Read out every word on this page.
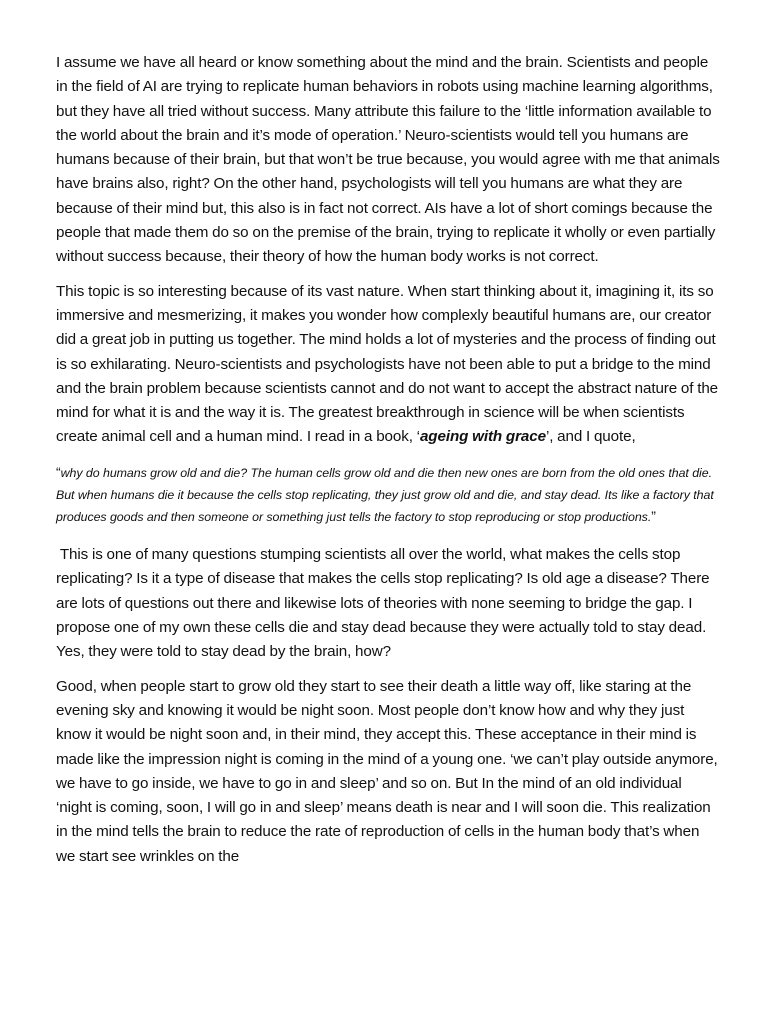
I assume we have all heard or know something about the mind and the brain. Scientists and people in the field of AI are trying to replicate human behaviors in robots using machine learning algorithms, but they have all tried without success. Many attribute this failure to the ‘little information available to the world about the brain and it’s mode of operation.’ Neuro-scientists would tell you humans are humans because of their brain, but that won’t be true because, you would agree with me that animals have brains also, right? On the other hand, psychologists will tell you humans are what they are because of their mind but, this also is in fact not correct. AIs have a lot of short comings because the people that made them do so on the premise of the brain, trying to replicate it wholly or even partially without success because, their theory of how the human body works is not correct.

This topic is so interesting because of its vast nature. When start thinking about it, imagining it, its so immersive and mesmerizing, it makes you wonder how complexly beautiful humans are, our creator did a great job in putting us together. The mind holds a lot of mysteries and the process of finding out is so exhilarating. Neuro-scientists and psychologists have not been able to put a bridge to the mind and the brain problem because scientists cannot and do not want to accept the abstract nature of the mind for what it is and the way it is. The greatest breakthrough in science will be when scientists create animal cell and a human mind. I read in a book, ‘ageing with grace’, and I quote,

“why do humans grow old and die? The human cells grow old and die then new ones are born from the old ones that die. But when humans die it because the cells stop replicating, they just grow old and die, and stay dead. Its like a factory that produces goods and then someone or something just tells the factory to stop reproducing or stop productions.”

This is one of many questions stumping scientists all over the world, what makes the cells stop replicating? Is it a type of disease that makes the cells stop replicating? Is old age a disease? There are lots of questions out there and likewise lots of theories with none seeming to bridge the gap. I propose one of my own these cells die and stay dead because they were actually told to stay dead. Yes, they were told to stay dead by the brain, how?

Good, when people start to grow old they start to see their death a little way off, like staring at the evening sky and knowing it would be night soon. Most people don’t know how and why they just know it would be night soon and, in their mind, they accept this. These acceptance in their mind is made like the impression night is coming in the mind of a young one. ‘we can’t play outside anymore, we have to go inside, we have to go in and sleep’ and so on. But In the mind of an old individual ‘night is coming, soon, I will go in and sleep’ means death is near and I will soon die. This realization in the mind tells the brain to reduce the rate of reproduction of cells in the human body that’s when we start see wrinkles on the
